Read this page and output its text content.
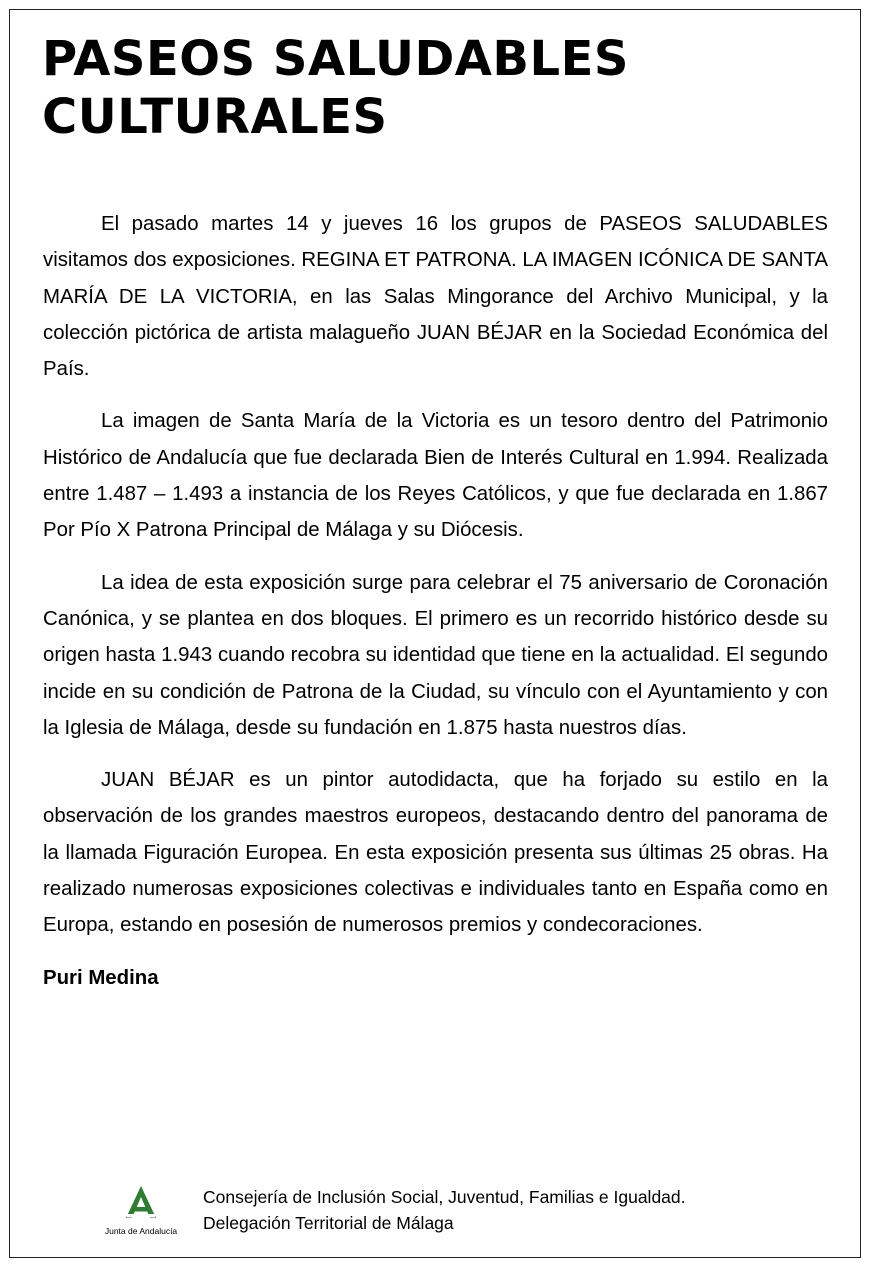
PASEOS SALUDABLES
CULTURALES

El pasado martes 14 y jueves 16 los grupos de PASEOS SALUDABLES visitamos dos exposiciones. REGINA ET PATRONA. LA IMAGEN ICÓNICA DE SANTA MARÍA DE LA VICTORIA, en las Salas Mingorance del Archivo Municipal, y la colección pictórica de artista malagueño JUAN BÉJAR en la Sociedad Económica del País.

La imagen de Santa María de la Victoria es un tesoro dentro del Patrimonio Histórico de Andalucía que fue declarada Bien de Interés Cultural en 1.994. Realizada entre 1.487 – 1.493 a instancia de los Reyes Católicos, y que fue declarada en 1.867 Por Pío X Patrona Principal de Málaga y su Diócesis.

La idea de esta exposición surge para celebrar el 75 aniversario de Coronación Canónica, y se plantea en dos bloques. El primero es un recorrido histórico desde su origen hasta 1.943 cuando recobra su identidad que tiene en la actualidad. El segundo incide en su condición de Patrona de la Ciudad, su vínculo con el Ayuntamiento y con la Iglesia de Málaga, desde su fundación en 1.875 hasta nuestros días.

JUAN BÉJAR es un pintor autodidacta, que ha forjado su estilo en la observación de los grandes maestros europeos, destacando dentro del panorama de la llamada Figuración Europea. En esta exposición presenta sus últimas 25 obras. Ha realizado numerosas exposiciones colectivas e individuales tanto en España como en Europa, estando en posesión de numerosos premios y condecoraciones.

Puri Medina

Junta de Andalucía
Consejería de Inclusión Social, Juventud, Familias e Igualdad.
Delegación Territorial de Málaga
